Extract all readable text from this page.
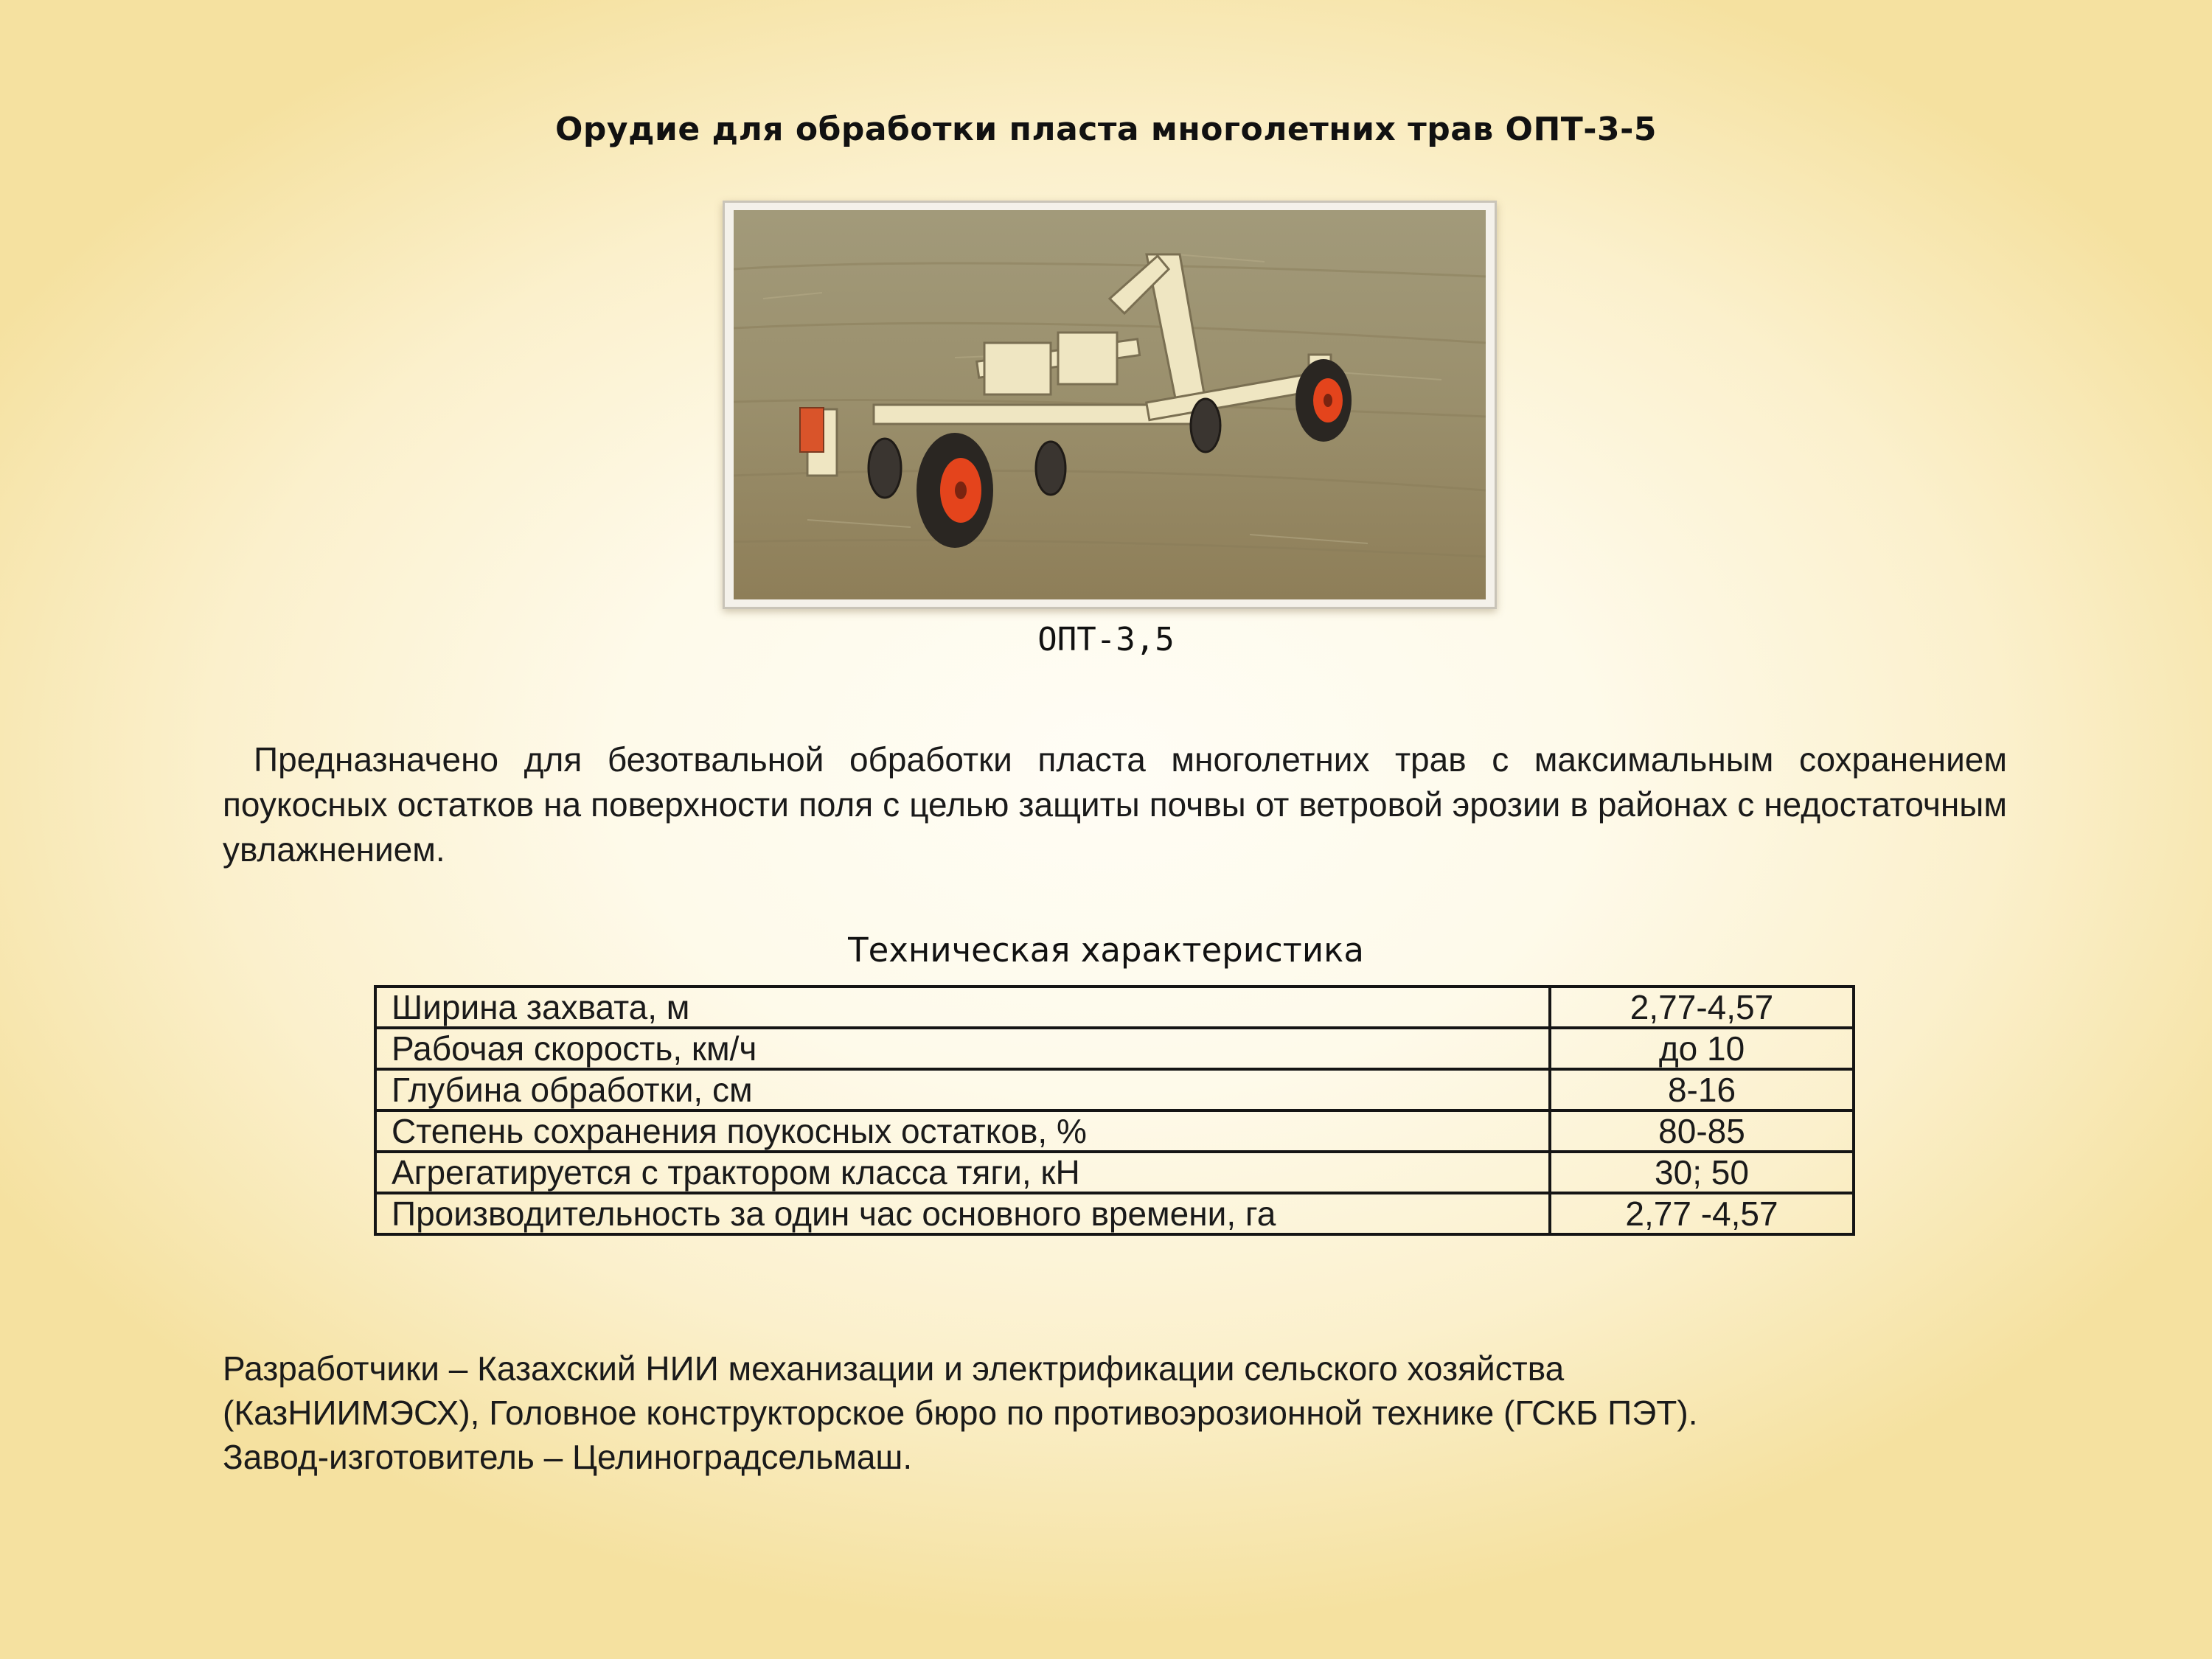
Орудие для обработки пласта многолетних трав ОПТ-3-5
ОПТ-3,5
Предназначено для безотвальной обработки пласта многолетних трав с максимальным сохранением поукосных остатков на поверхности поля с целью защиты почвы от ветровой эрозии в районах с недостаточным увлажнением.
Техническая характеристика
Ширина захвата, м	2,77-4,57
Рабочая скорость, км/ч	до 10
Глубина обработки, см	8-16
Степень сохранения поукосных остатков, %	80-85
Агрегатируется с трактором класса тяги, кН	30; 50
Производительность за один час основного времени, га	2,77 -4,57
Разработчики – Казахский НИИ механизации и электрификации сельского хозяйства
(КазНИИМЭСХ), Головное конструкторское бюро по противоэрозионной технике (ГСКБ ПЭТ).
Завод-изготовитель – Целиноградсельмаш.
